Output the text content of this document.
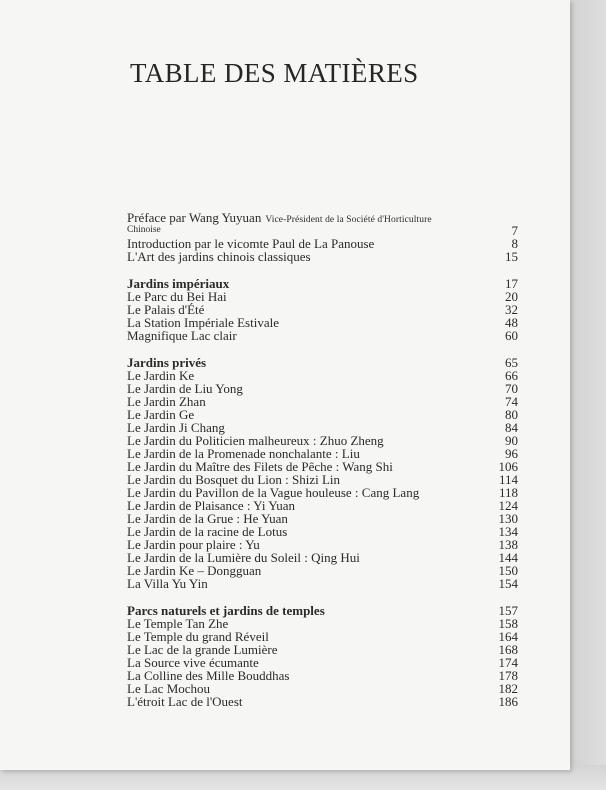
TABLE DES MATIÈRES
Préface par Wang Yuyuan Vice-Président de la Société d'Horticulture
Chinoise	7
Introduction par le vicomte Paul de La Panouse	8
L'Art des jardins chinois classiques	15
Jardins impériaux	17
Le Parc du Bei Hai	20
Le Palais d'Été	32
La Station Impériale Estivale	48
Magnifique Lac clair	60
Jardins privés	65
Le Jardin Ke	66
Le Jardin de Liu Yong	70
Le Jardin Zhan	74
Le Jardin Ge	80
Le Jardin Ji Chang	84
Le Jardin du Politicien malheureux : Zhuo Zheng	90
Le Jardin de la Promenade nonchalante : Liu	96
Le Jardin du Maître des Filets de Pêche : Wang Shi	106
Le Jardin du Bosquet du Lion : Shizi Lin	114
Le Jardin du Pavillon de la Vague houleuse : Cang Lang	118
Le Jardin de Plaisance : Yi Yuan	124
Le Jardin de la Grue : He Yuan	130
Le Jardin de la racine de Lotus	134
Le Jardin pour plaire : Yu	138
Le Jardin de la Lumière du Soleil : Qing Hui	144
Le Jardin Ke – Dongguan	150
La Villa Yu Yin	154
Parcs naturels et jardins de temples	157
Le Temple Tan Zhe	158
Le Temple du grand Réveil	164
Le Lac de la grande Lumière	168
La Source vive écumante	174
La Colline des Mille Bouddhas	178
Le Lac Mochou	182
L'étroit Lac de l'Ouest	186
